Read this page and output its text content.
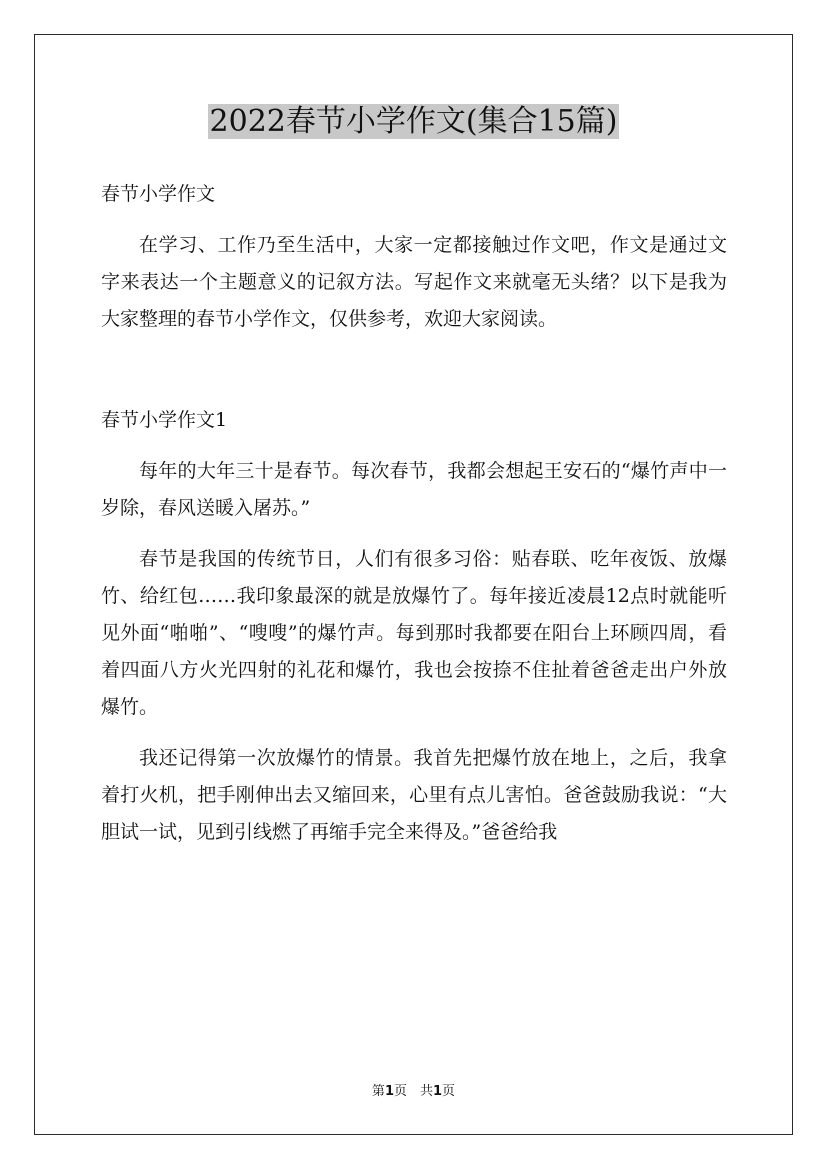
2022春节小学作文(集合15篇)

春节小学作文

在学习、工作乃至生活中，大家一定都接触过作文吧，作文是通过文字来表达一个主题意义的记叙方法。写起作文来就毫无头绪？以下是我为大家整理的春节小学作文，仅供参考，欢迎大家阅读。

春节小学作文1

每年的大年三十是春节。每次春节，我都会想起王安石的“爆竹声中一岁除，春风送暖入屠苏。”

春节是我国的传统节日，人们有很多习俗：贴春联、吃年夜饭、放爆竹、给红包……我印象最深的就是放爆竹了。每年接近凌晨12点时就能听见外面“啪啪”、“嗖嗖”的爆竹声。每到那时我都要在阳台上环顾四周，看着四面八方火光四射的礼花和爆竹，我也会按捺不住扯着爸爸走出户外放爆竹。

我还记得第一次放爆竹的情景。我首先把爆竹放在地上，之后，我拿着打火机，把手刚伸出去又缩回来，心里有点儿害怕。爸爸鼓励我说：“大胆试一试，见到引线燃了再缩手完全来得及。”爸爸给我

第1页　共1页
